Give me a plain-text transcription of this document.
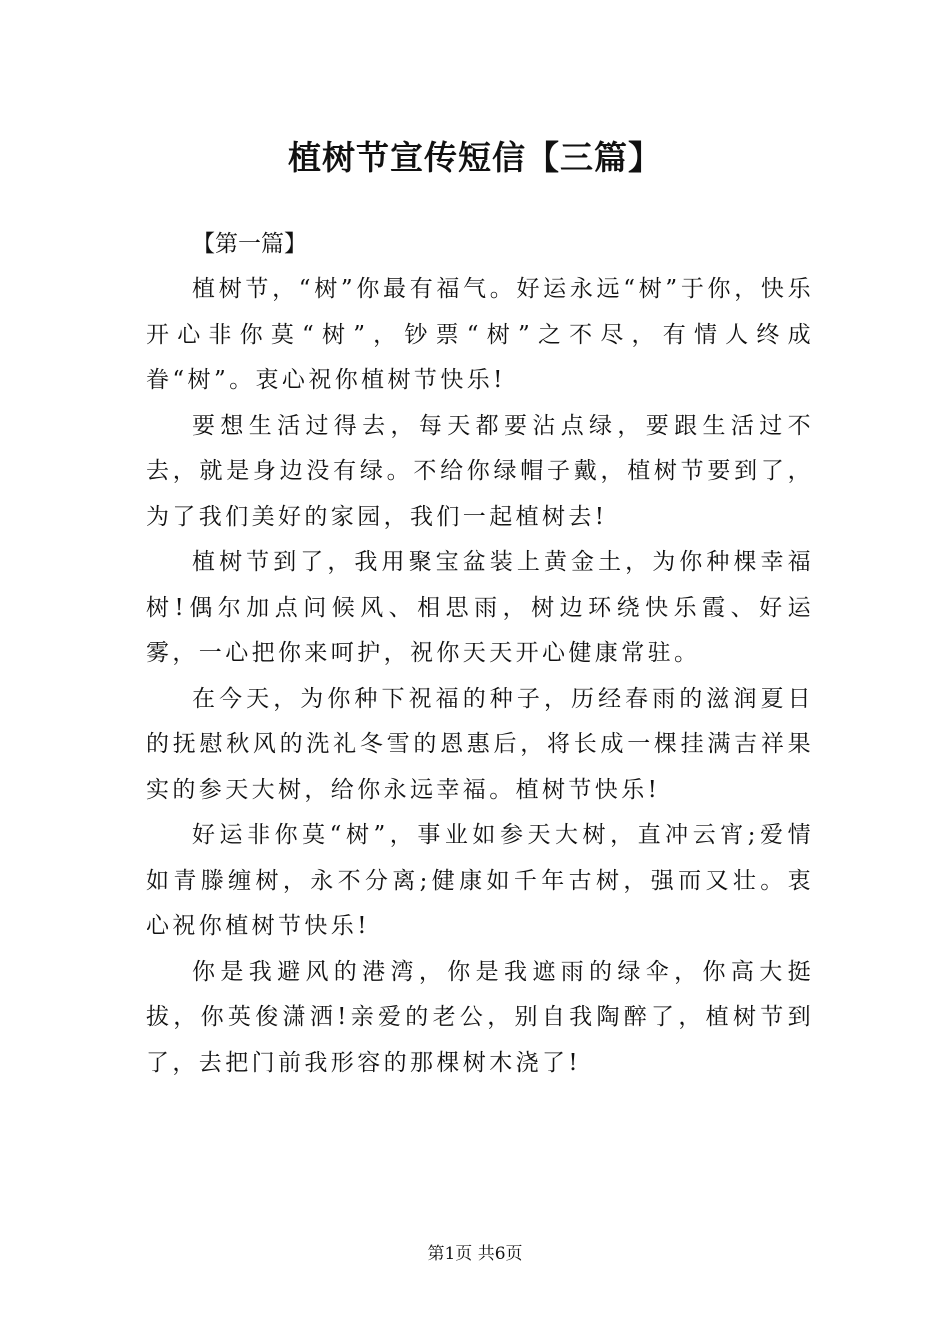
植树节宣传短信【三篇】

【第一篇】

植树节，“树”你最有福气。好运永远“树”于你，快乐开心非你莫“树”，钞票“树”之不尽，有情人终成眷“树”。衷心祝你植树节快乐!

要想生活过得去，每天都要沾点绿，要跟生活过不去，就是身边没有绿。不给你绿帽子戴，植树节要到了，为了我们美好的家园，我们一起植树去!

植树节到了，我用聚宝盆装上黄金土，为你种棵幸福树!偶尔加点问候风、相思雨，树边环绕快乐霞、好运雾，一心把你来呵护，祝你天天开心健康常驻。

在今天，为你种下祝福的种子，历经春雨的滋润夏日的抚慰秋风的洗礼冬雪的恩惠后，将长成一棵挂满吉祥果实的参天大树，给你永远幸福。植树节快乐!

好运非你莫“树”，事业如参天大树，直冲云宵;爱情如青滕缠树，永不分离;健康如千年古树，强而又壮。衷心祝你植树节快乐!

你是我避风的港湾，你是我遮雨的绿伞，你高大挺拔，你英俊潇洒!亲爱的老公，别自我陶醉了，植树节到了，去把门前我形容的那棵树木浇了!

第1页 共6页
